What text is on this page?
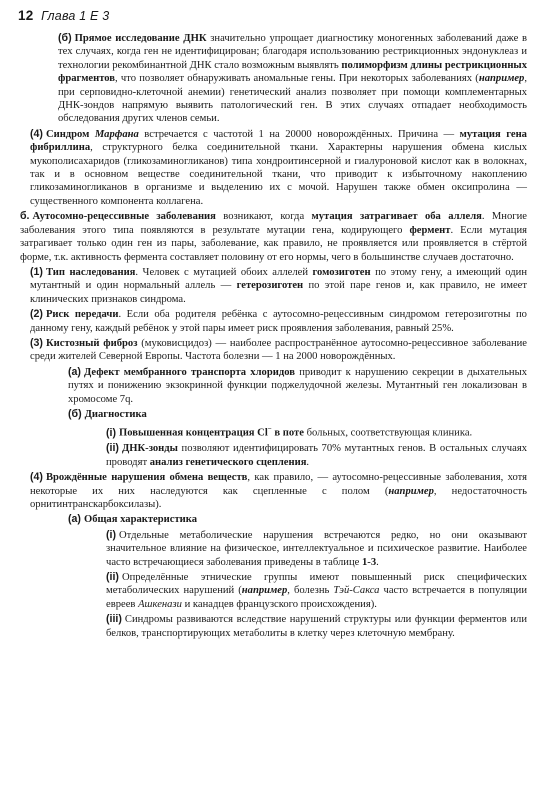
12 Глава 1 Е 3
(б) Прямое исследование ДНК значительно упрощает диагностику моногенных заболеваний даже в тех случаях, когда ген не идентифицирован; благодаря использованию рестрикционных эндонуклеаз и технологии рекомбинантной ДНК стало возможным выявлять полиморфизм длины рестрикционных фрагментов, что позволяет обнаруживать аномальные гены. При некоторых заболеваниях (например, при серповидно-клеточной анемии) генетический анализ позволяет при помощи комплементарных ДНК-зондов напрямую выявить патологический ген. В этих случаях отпадает необходимость обследования других членов семьи.
(4) Синдром Марфана встречается с частотой 1 на 20000 новорождённых. Причина — мутация гена фибриллина, структурного белка соединительной ткани. Характерны нарушения обмена кислых мукополисахаридов (гликозаминогликанов) типа хондроитинсерной и гиалуроновой кислот как в волокнах, так и в основном веществе соединительной ткани, что приводит к избыточному накоплению гликозаминогликанов в организме и выделению их с мочой. Нарушен также обмен оксипролина — существенного компонента коллагена.
б. Аутосомно-рецессивные заболевания возникают, когда мутация затрагивает оба аллеля. Многие заболевания этого типа появляются в результате мутации гена, кодирующего фермент. Если мутация затрагивает только один ген из пары, заболевание, как правило, не проявляется или проявляется в стёртой форме, т.к. активность фермента составляет половину от его нормы, чего в большинстве случаев достаточно.
(1) Тип наследования. Человек с мутацией обоих аллелей гомозиготен по этому гену, а имеющий один мутантный и один нормальный аллель — гетерозиготен по этой паре генов и, как правило, не имеет клинических признаков синдрома.
(2) Риск передачи. Если оба родителя ребёнка с аутосомно-рецессивным синдромом гетерозиготны по данному гену, каждый ребёнок у этой пары имеет риск проявления заболевания, равный 25%.
(3) Кистозный фиброз (муковисцидоз) — наиболее распространённое аутосомно-рецессивное заболевание среди жителей Северной Европы. Частота болезни — 1 на 2000 новорождённых.
(а) Дефект мембранного транспорта хлоридов приводит к нарушению секреции в дыхательных путях и понижению экзокринной функции поджелудочной железы. Мутантный ген локализован в хромосоме 7q.
(б) Диагностика
(i) Повышенная концентрация Cl− в поте больных, соответствующая клиника.
(ii) ДНК-зонды позволяют идентифицировать 70% мутантных генов. В остальных случаях проводят анализ генетического сцепления.
(4) Врождённые нарушения обмена веществ, как правило, — аутосомно-рецессивные заболевания, хотя некоторые их них наследуются как сцепленные с полом (например, недостаточность орнитинтранскарбоксилазы).
(а) Общая характеристика
(i) Отдельные метаболические нарушения встречаются редко, но они оказывают значительное влияние на физическое, интеллектуальное и психическое развитие. Наиболее часто встречающиеся заболевания приведены в таблице 1-3.
(ii) Определённые этнические группы имеют повышенный риск специфических метаболических нарушений (например, болезнь Тэй-Сакса часто встречается в популяции евреев Ашкенази и канадцев французского происхождения).
(iii) Синдромы развиваются вследствие нарушений структуры или функции ферментов или белков, транспортирующих метаболиты в клетку через клеточную мембрану.
